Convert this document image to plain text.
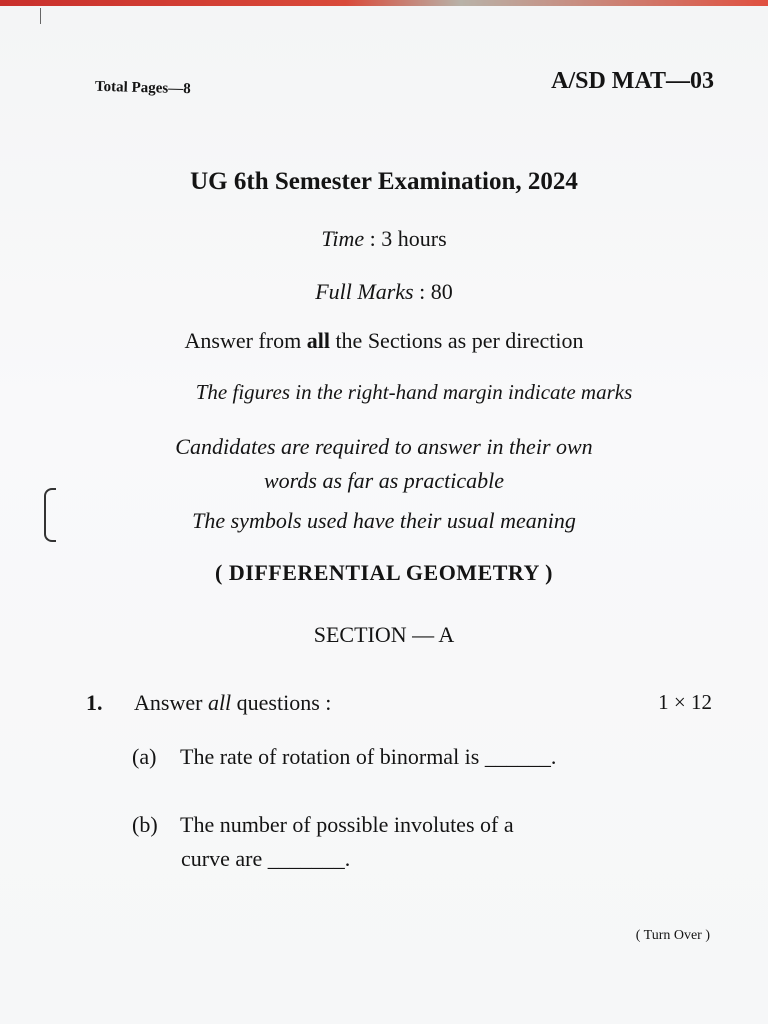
Total Pages—8	A/SD MAT—03
UG 6th Semester Examination, 2024
Time : 3 hours
Full Marks : 80
Answer from all the Sections as per direction
The figures in the right-hand margin indicate marks
Candidates are required to answer in their own
words as far as practicable
The symbols used have their usual meaning
( DIFFERENTIAL GEOMETRY )
SECTION — A
1. Answer all questions :	1 × 12
(a) The rate of rotation of binormal is ______.
(b) The number of possible involutes of a
curve are _______.
( Turn Over )
